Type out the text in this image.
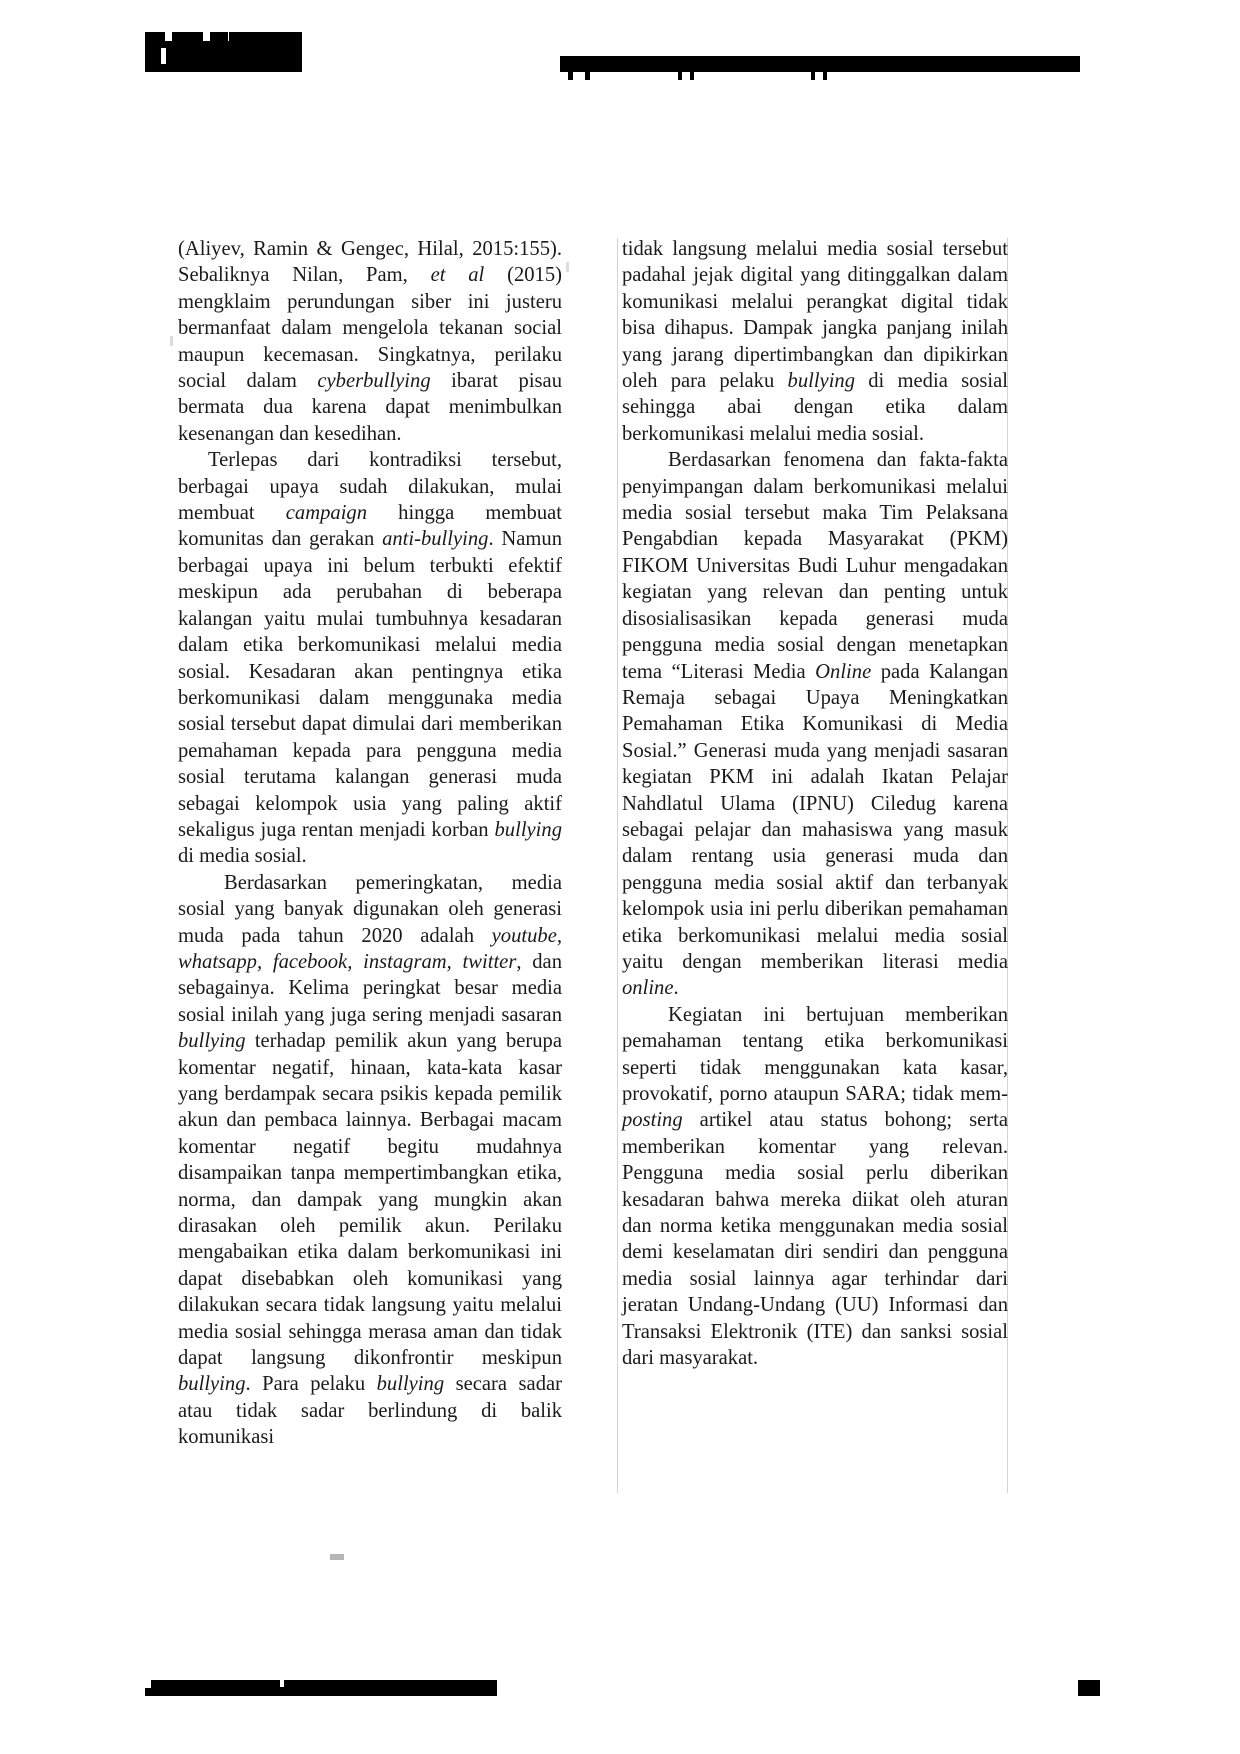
(Aliyev, Ramin & Gengec, Hilal, 2015:155). Sebaliknya Nilan, Pam, et al (2015) mengklaim perundungan siber ini justeru bermanfaat dalam mengelola tekanan social maupun kecemasan. Singkatnya, perilaku social dalam cyberbullying ibarat pisau bermata dua karena dapat menimbulkan kesenangan dan kesedihan.

Terlepas dari kontradiksi tersebut, berbagai upaya sudah dilakukan, mulai membuat campaign hingga membuat komunitas dan gerakan anti-bullying. Namun berbagai upaya ini belum terbukti efektif meskipun ada perubahan di beberapa kalangan yaitu mulai tumbuhnya kesadaran dalam etika berkomunikasi melalui media sosial. Kesadaran akan pentingnya etika berkomunikasi dalam menggunaka media sosial tersebut dapat dimulai dari memberikan pemahaman kepada para pengguna media sosial terutama kalangan generasi muda sebagai kelompok usia yang paling aktif sekaligus juga rentan menjadi korban bullying di media sosial.

Berdasarkan pemeringkatan, media sosial yang banyak digunakan oleh generasi muda pada tahun 2020 adalah youtube, whatsapp, facebook, instagram, twitter, dan sebagainya. Kelima peringkat besar media sosial inilah yang juga sering menjadi sasaran bullying terhadap pemilik akun yang berupa komentar negatif, hinaan, kata-kata kasar yang berdampak secara psikis kepada pemilik akun dan pembaca lainnya. Berbagai macam komentar negatif begitu mudahnya disampaikan tanpa mempertimbangkan etika, norma, dan dampak yang mungkin akan dirasakan oleh pemilik akun. Perilaku mengabaikan etika dalam berkomunikasi ini dapat disebabkan oleh komunikasi yang dilakukan secara tidak langsung yaitu melalui media sosial sehingga merasa aman dan tidak dapat langsung dikonfrontir meskipun bullying. Para pelaku bullying secara sadar atau tidak sadar berlindung di balik komunikasi

tidak langsung melalui media sosial tersebut padahal jejak digital yang ditinggalkan dalam komunikasi melalui perangkat digital tidak bisa dihapus. Dampak jangka panjang inilah yang jarang dipertimbangkan dan dipikirkan oleh para pelaku bullying di media sosial sehingga abai dengan etika dalam berkomunikasi melalui media sosial.

Berdasarkan fenomena dan fakta-fakta penyimpangan dalam berkomunikasi melalui media sosial tersebut maka Tim Pelaksana Pengabdian kepada Masyarakat (PKM) FIKOM Universitas Budi Luhur mengadakan kegiatan yang relevan dan penting untuk disosialisasikan kepada generasi muda pengguna media sosial dengan menetapkan tema “Literasi Media Online pada Kalangan Remaja sebagai Upaya Meningkatkan Pemahaman Etika Komunikasi di Media Sosial.” Generasi muda yang menjadi sasaran kegiatan PKM ini adalah Ikatan Pelajar Nahdlatul Ulama (IPNU) Ciledug karena sebagai pelajar dan mahasiswa yang masuk dalam rentang usia generasi muda dan pengguna media sosial aktif dan terbanyak kelompok usia ini perlu diberikan pemahaman etika berkomunikasi melalui media sosial yaitu dengan memberikan literasi media online.

Kegiatan ini bertujuan memberikan pemahaman tentang etika berkomunikasi seperti tidak menggunakan kata kasar, provokatif, porno ataupun SARA; tidak mem-posting artikel atau status bohong; serta memberikan komentar yang relevan. Pengguna media sosial perlu diberikan kesadaran bahwa mereka diikat oleh aturan dan norma ketika menggunakan media sosial demi keselamatan diri sendiri dan pengguna media sosial lainnya agar terhindar dari jeratan Undang-Undang (UU) Informasi dan Transaksi Elektronik (ITE) dan sanksi sosial dari masyarakat.
